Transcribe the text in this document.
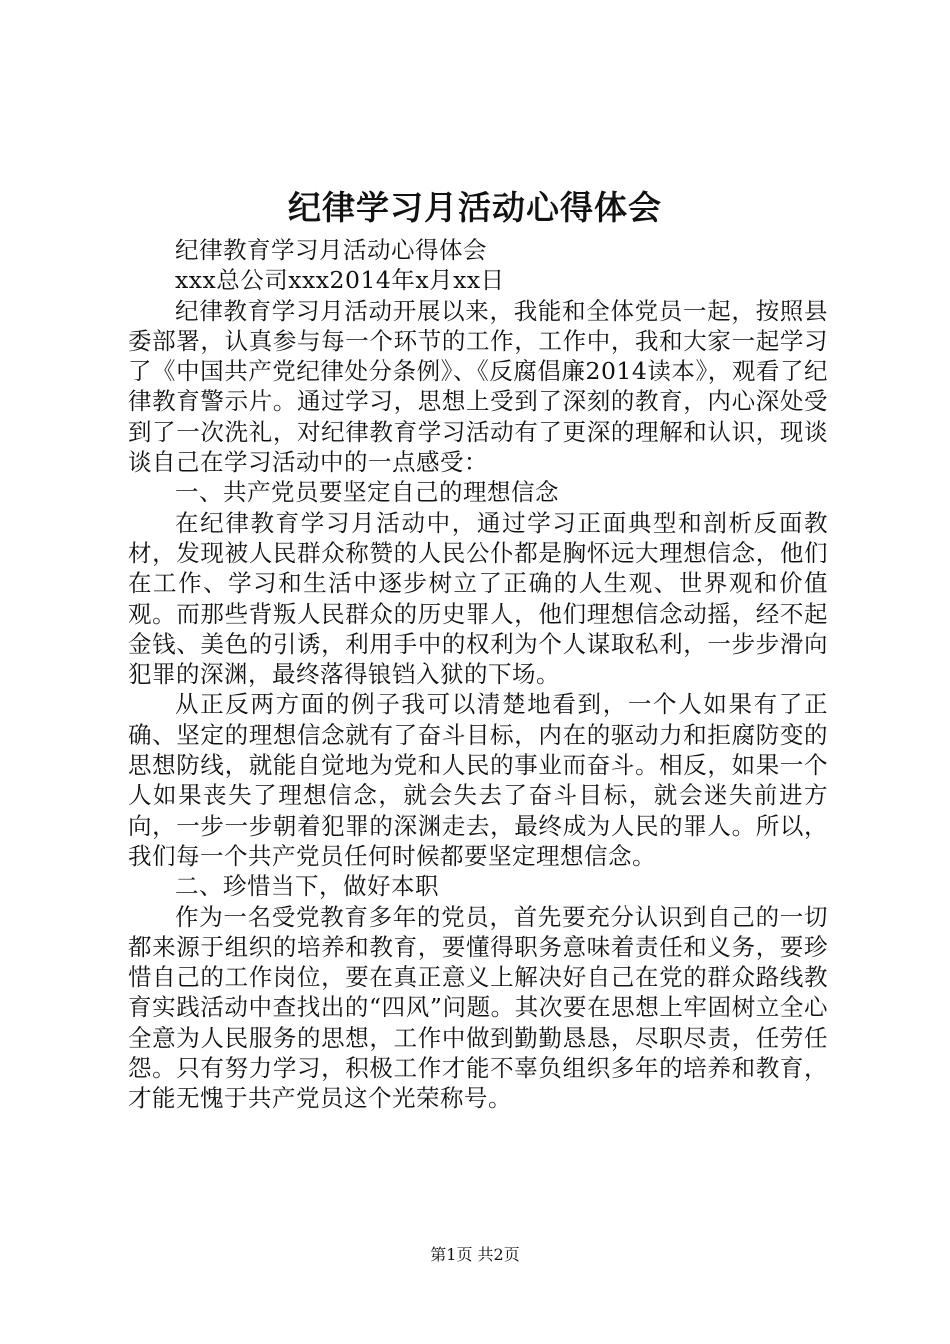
纪律学习月活动心得体会

纪律教育学习月活动心得体会

xxx总公司xxx2014年x月xx日

纪律教育学习月活动开展以来，我能和全体党员一起，按照县委部署，认真参与每一个环节的工作，工作中，我和大家一起学习了《中国共产党纪律处分条例》、《反腐倡廉2014读本》，观看了纪律教育警示片。通过学习，思想上受到了深刻的教育，内心深处受到了一次洗礼，对纪律教育学习活动有了更深的理解和认识，现谈谈自己在学习活动中的一点感受：

一、共产党员要坚定自己的理想信念

在纪律教育学习月活动中，通过学习正面典型和剖析反面教材，发现被人民群众称赞的人民公仆都是胸怀远大理想信念，他们在工作、学习和生活中逐步树立了正确的人生观、世界观和价值观。而那些背叛人民群众的历史罪人，他们理想信念动摇，经不起金钱、美色的引诱，利用手中的权利为个人谋取私利，一步步滑向犯罪的深渊，最终落得锒铛入狱的下场。

从正反两方面的例子我可以清楚地看到，一个人如果有了正确、坚定的理想信念就有了奋斗目标，内在的驱动力和拒腐防变的思想防线，就能自觉地为党和人民的事业而奋斗。相反，如果一个人如果丧失了理想信念，就会失去了奋斗目标，就会迷失前进方向，一步一步朝着犯罪的深渊走去，最终成为人民的罪人。所以，我们每一个共产党员任何时候都要坚定理想信念。

二、珍惜当下，做好本职

作为一名受党教育多年的党员，首先要充分认识到自己的一切都来源于组织的培养和教育，要懂得职务意味着责任和义务，要珍惜自己的工作岗位，要在真正意义上解决好自己在党的群众路线教育实践活动中查找出的“四风”问题。其次要在思想上牢固树立全心全意为人民服务的思想，工作中做到勤勤恳恳，尽职尽责，任劳任怨。只有努力学习，积极工作才能不辜负组织多年的培养和教育，才能无愧于共产党员这个光荣称号。

第1页 共2页
